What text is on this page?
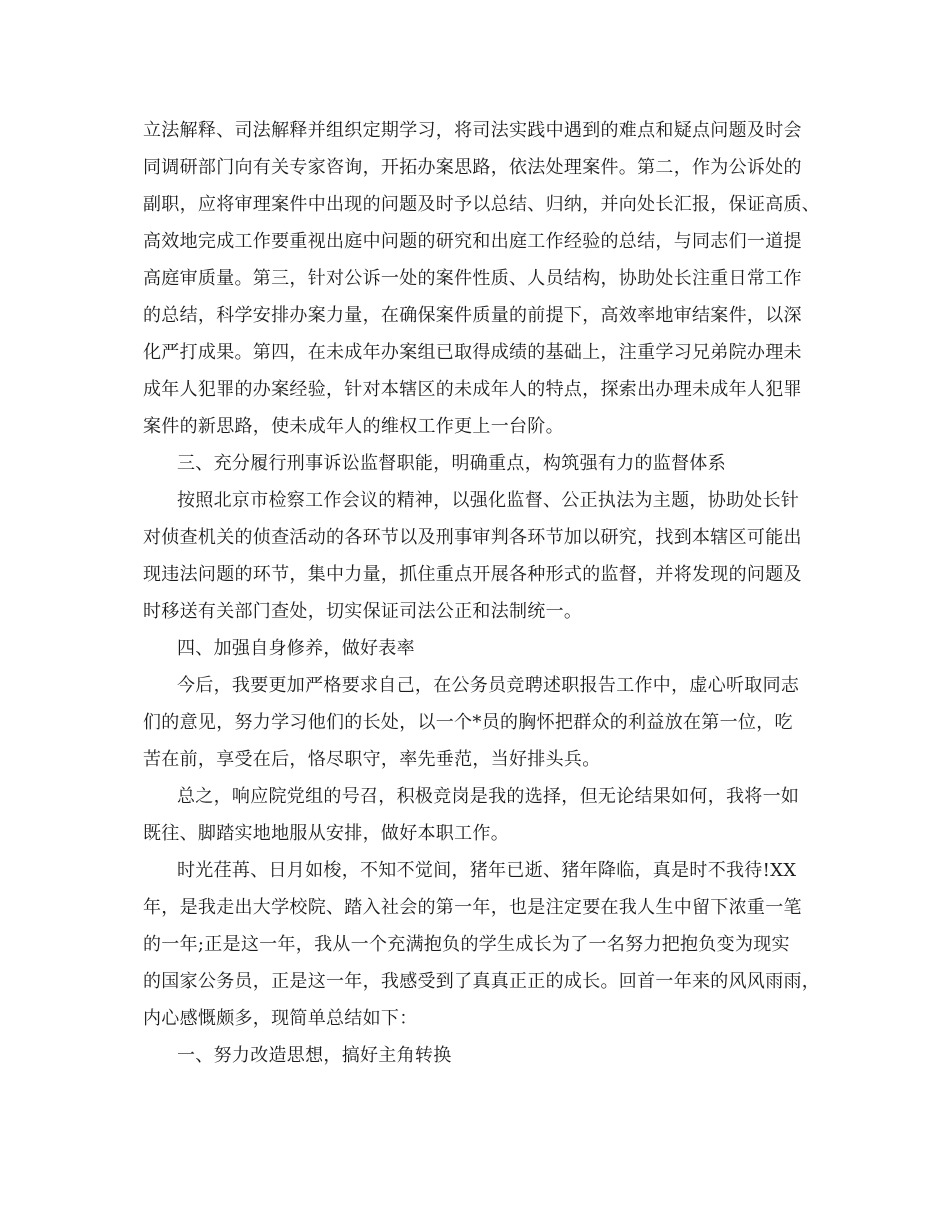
立法解释、司法解释并组织定期学习，将司法实践中遇到的难点和疑点问题及时会
同调研部门向有关专家咨询，开拓办案思路，依法处理案件。第二，作为公诉处的
副职，应将审理案件中出现的问题及时予以总结、归纳，并向处长汇报，保证高质、
高效地完成工作要重视出庭中问题的研究和出庭工作经验的总结，与同志们一道提
高庭审质量。第三，针对公诉一处的案件性质、人员结构，协助处长注重日常工作
的总结，科学安排办案力量，在确保案件质量的前提下，高效率地审结案件，以深
化严打成果。第四，在未成年办案组已取得成绩的基础上，注重学习兄弟院办理未
成年人犯罪的办案经验，针对本辖区的未成年人的特点，探索出办理未成年人犯罪
案件的新思路，使未成年人的维权工作更上一台阶。
三、充分履行刑事诉讼监督职能，明确重点，构筑强有力的监督体系
按照北京市检察工作会议的精神，以强化监督、公正执法为主题，协助处长针
对侦查机关的侦查活动的各环节以及刑事审判各环节加以研究，找到本辖区可能出
现违法问题的环节，集中力量，抓住重点开展各种形式的监督，并将发现的问题及
时移送有关部门查处，切实保证司法公正和法制统一。
四、加强自身修养，做好表率
今后，我要更加严格要求自己，在公务员竞聘述职报告工作中，虚心听取同志
们的意见，努力学习他们的长处，以一个*员的胸怀把群众的利益放在第一位，吃
苦在前，享受在后，恪尽职守，率先垂范，当好排头兵。
总之，响应院党组的号召，积极竞岗是我的选择，但无论结果如何，我将一如
既往、脚踏实地地服从安排，做好本职工作。
时光荏苒、日月如梭，不知不觉间，猪年已逝、猪年降临，真是时不我待!XX
年，是我走出大学校院、踏入社会的第一年，也是注定要在我人生中留下浓重一笔
的一年;正是这一年，我从一个充满抱负的学生成长为了一名努力把抱负变为现实
的国家公务员，正是这一年，我感受到了真真正正的成长。回首一年来的风风雨雨，
内心感慨颇多，现简单总结如下：
一、努力改造思想，搞好主角转换
